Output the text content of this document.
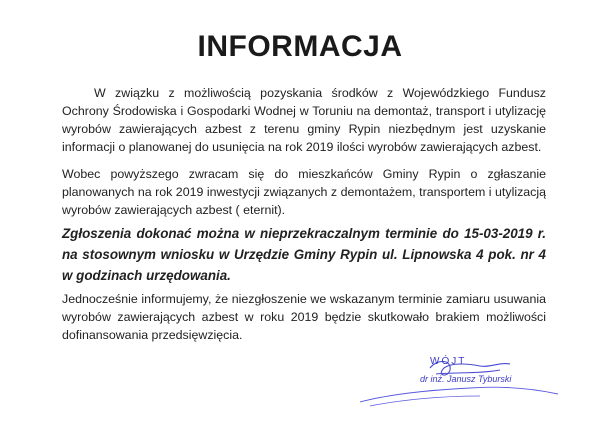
INFORMACJA
W związku z możliwością pozyskania środków z Wojewódzkiego Fundusz Ochrony Środowiska i Gospodarki Wodnej w Toruniu na demontaż, transport i utylizację wyrobów zawierających azbest z terenu gminy Rypin niezbędnym jest uzyskanie informacji o planowanej do usunięcia na rok 2019 ilości wyrobów zawierających azbest.
Wobec powyższego zwracam się do mieszkańców Gminy Rypin o zgłaszanie planowanych na rok 2019 inwestycji związanych z demontażem, transportem i utylizacją wyrobów zawierających azbest ( eternit).
Zgłoszenia dokonać można w nieprzekraczalnym terminie do 15-03-2019 r. na stosownym wniosku w Urzędzie Gminy Rypin ul. Lipnowska 4 pok. nr 4 w godzinach urzędowania.
Jednocześnie informujemy, że niezgłoszenie we wskazanym terminie zamiaru usuwania wyrobów zawierających azbest w roku 2019 będzie skutkowało brakiem możliwości dofinansowania przedsięwzięcia.
WÓJT
dr inż. Janusz Tyburski
